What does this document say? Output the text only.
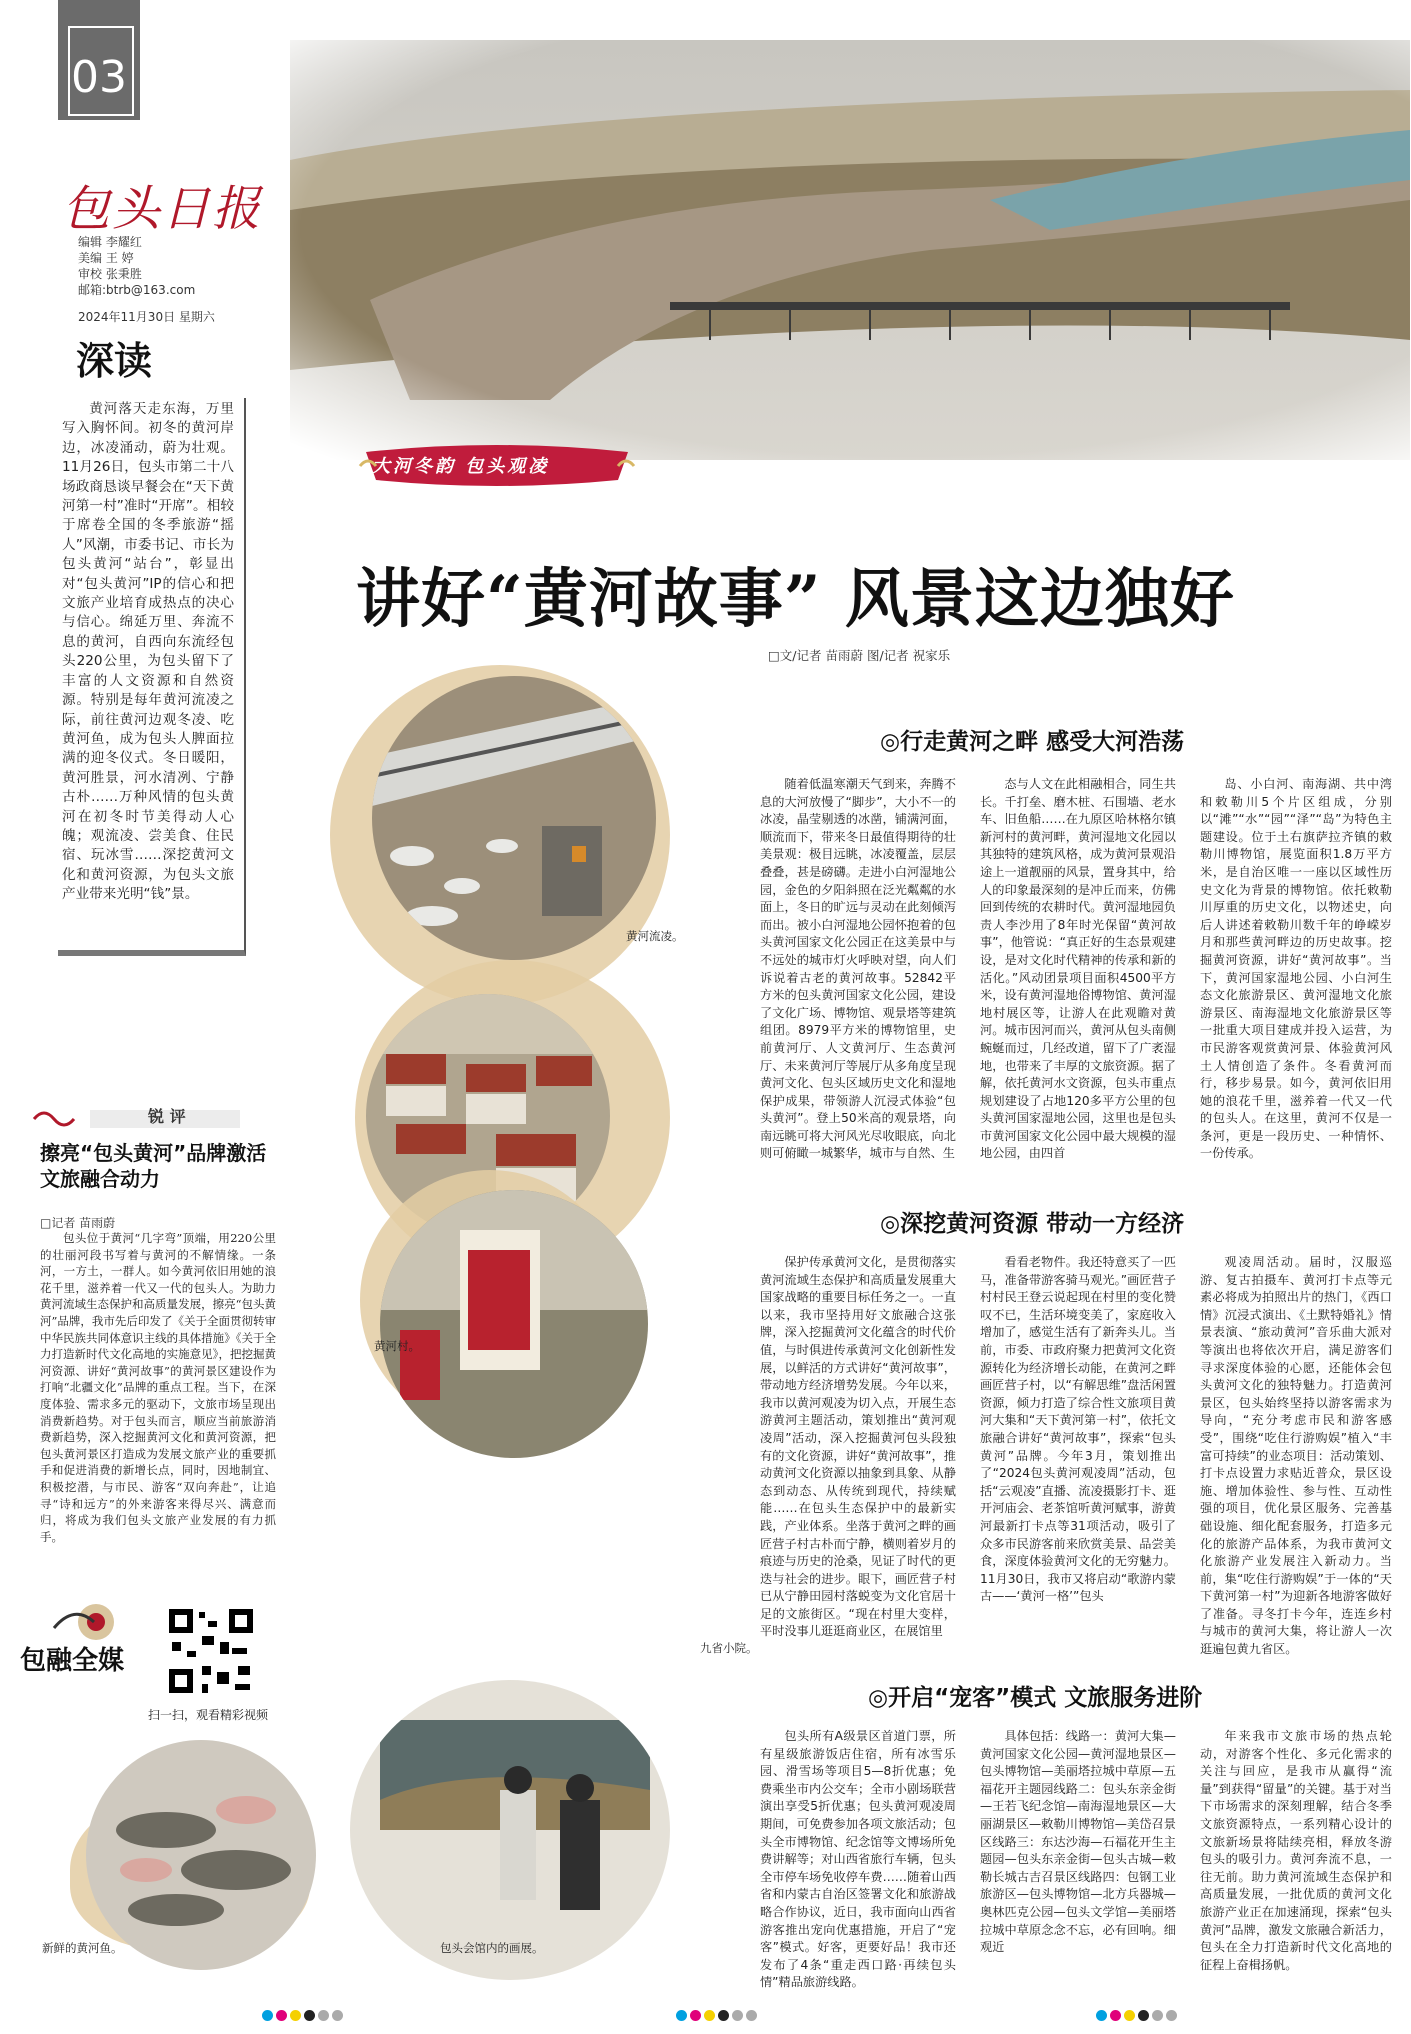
03
包头日报
编辑 李耀红
美编 王 婷
审校 张秉胜
邮箱:btrb@163.com
2024年11月30日 星期六
深读

黄河落天走东海，万里写入胸怀间。初冬的黄河岸边，冰凌涌动，蔚为壮观。11月26日，包头市第二十八场政商恳谈早餐会在“天下黄河第一村”准时“开席”。相较于席卷全国的冬季旅游“摇人”风潮，市委书记、市长为包头黄河“站台”，彰显出对“包头黄河”IP的信心和把文旅产业培育成热点的决心与信心。绵延万里、奔流不息的黄河，自西向东流经包头220公里，为包头留下了丰富的人文资源和自然资源。特别是每年黄河流凌之际，前往黄河边观冬凌、吃黄河鱼，成为包头人脾面拉满的迎冬仪式。冬日暖阳，黄河胜景，河水清冽、宁静古朴……万种风情的包头黄河在初冬时节美得动人心魄；观流凌、尝美食、住民宿、玩冰雪……深挖黄河文化和黄河资源，为包头文旅产业带来光明“钱”景。

锐 评
擦亮“包头黄河”品牌激活文旅融合动力
□记者 苗雨蔚

包头位于黄河“几字弯”顶端，用220公里的壮丽河段书写着与黄河的不解情缘。一条河，一方土，一群人。如今黄河依旧用她的浪花千里，滋养着一代又一代的包头人。为助力黄河流域生态保护和高质量发展，擦亮“包头黄河”品牌，我市先后印发了《关于全面贯彻转审中华民族共同体意识主线的具体措施》《关于全力打造新时代文化高地的实施意见》，把挖掘黄河资源、讲好“黄河故事”的黄河景区建设作为打响“北疆文化”品牌的重点工程。当下，在深度体验、需求多元的驱动下，文旅市场呈现出消费新趋势。对于包头而言，顺应当前旅游消费新趋势，深入挖掘黄河文化和黄河资源，把包头黄河景区打造成为发展文旅产业的重要抓手和促进消费的新增长点，同时，因地制宜、积极挖潜，与市民、游客“双向奔赴”，让追寻“诗和远方”的外来游客来得尽兴、满意而归，将成为我们包头文旅产业发展的有力抓手。

包融全媒
扫一扫，观看精彩视频
大河冬韵 包头观凌
讲好“黄河故事” 风景这边独好
□文/记者 苗雨蔚 图/记者 祝家乐
黄河流凌。
黄河村。
九省小院。
新鲜的黄河鱼。	包头会馆内的画展。
◎行走黄河之畔 感受大河浩荡

随着低温寒潮天气到来，奔腾不息的大河放慢了“脚步”，大小不一的冰凌，晶莹剔透的冰凿，铺满河面，顺流而下，带来冬日最值得期待的壮美景观：极目远眺，冰凌覆盖，层层叠叠，甚是磅礴。走进小白河湿地公园，金色的夕阳斜照在泛光粼粼的水面上，冬日的旷远与灵动在此刻倾泻而出。被小白河湿地公园怀抱着的包头黄河国家文化公园正在这美景中与不远处的城市灯火呼映对望，向人们诉说着古老的黄河故事。52842平方米的包头黄河国家文化公园，建设了文化广场、博物馆、观景塔等建筑组团。8979平方米的博物馆里，史前黄河厅、人文黄河厅、生态黄河厅、未来黄河厅等展厅从多角度呈现黄河文化、包头区域历史文化和湿地保护成果，带领游人沉浸式体验“包头黄河”。登上50米高的观景塔，向南远眺可将大河风光尽收眼底，向北则可俯瞰一城繁华，城市与自然、生

态与人文在此相融相合，同生共长。千打垒、磨木桩、石围墙、老水车、旧鱼船……在九原区哈林格尔镇新河村的黄河畔，黄河湿地文化园以其独特的建筑风格，成为黄河景观沿途上一道靓丽的风景，置身其中，给人的印象最深刻的是冲丘而来，仿佛回到传统的农耕时代。黄河湿地园负责人李沙用了8年时光保留“黄河故事”，他管说：“真正好的生态景观建设，是对文化时代精神的传承和新的活化。”风动团景项目面积4500平方米，设有黄河湿地俗博物馆、黄河湿地村展区等，让游人在此观瞻对黄河。城市因河而兴，黄河从包头南侧蜿蜒而过，几经改道，留下了广袤湿地，也带来了丰厚的文旅资源。据了解，依托黄河水文资源，包头市重点规划建设了占地120多平方公里的包头黄河国家湿地公园，这里也是包头市黄河国家文化公园中最大规模的湿地公园，由四首

岛、小白河、南海湖、共中湾和敕勒川5个片区组成，分别以“滩”“水”“园”“泽”“岛”为特色主题建设。位于土右旗萨拉齐镇的敕勒川博物馆，展览面积1.8万平方米，是自治区唯一一座以区域性历史文化为背景的博物馆。依托敕勒川厚重的历史文化，以物述史，向后人讲述着敕勒川数千年的峥嵘岁月和那些黄河畔边的历史故事。挖掘黄河资源，讲好“黄河故事”。当下，黄河国家湿地公园、小白河生态文化旅游景区、黄河湿地文化旅游景区、南海湿地文化旅游景区等一批重大项目建成并投入运营，为市民游客观赏黄河景、体验黄河风土人情创造了条件。冬看黄河而行，移步易景。如今，黄河依旧用她的浪花千里，滋养着一代又一代的包头人。在这里，黄河不仅是一条河，更是一段历史、一种情怀、一份传承。

◎深挖黄河资源 带动一方经济

保护传承黄河文化，是贯彻落实黄河流域生态保护和高质量发展重大国家战略的重要目标任务之一。一直以来，我市坚持用好文旅融合这张牌，深入挖掘黄河文化蕴含的时代价值，与时俱进传承黄河文化创新性发展，以鲜活的方式讲好“黄河故事”，带动地方经济增势发展。今年以来，我市以黄河观凌为切入点，开展生态游黄河主题活动，策划推出“黄河观凌周”活动，深入挖掘黄河包头段独有的文化资源，讲好“黄河故事”，推动黄河文化资源以抽象到具象、从静态到动态、从传统到现代，持续赋能……在包头生态保护中的最新实践，产业体系。坐落于黄河之畔的画匠营子村古朴而宁静，横则着岁月的痕迹与历史的沧桑，见证了时代的更迭与社会的进步。眼下，画匠营子村已从宁静田园村落蜕变为文化官居十足的文旅街区。“现在村里大变样，平时没事儿逛逛商业区，在展馆里

看看老物件。我还特意买了一匹马，准备带游客骑马观光。”画匠营子村村民王登云说起现在村里的变化赞叹不已，生活环境变美了，家庭收入增加了，感觉生活有了新奔头儿。当前，市委、市政府聚力把黄河文化资源转化为经济增长动能，在黄河之畔画匠营子村，以“有解思维”盘活闲置资源，倾力打造了综合性文旅项目黄河大集和“天下黄河第一村”，依托文旅融合讲好“黄河故事”，探索“包头黄河”品牌。今年3月，策划推出了“2024包头黄河观凌周”活动，包括“云观凌”直播、流凌摄影打卡、逛开河庙会、老茶馆听黄河赋事，游黄河最新打卡点等31项活动，吸引了众多市民游客前来欣赏美景、品尝美食，深度体验黄河文化的无穷魅力。11月30日，我市又将启动“歌游内蒙古——‘黄河一格’”包头

观凌周活动。届时，汉服巡游、复古拍摄车、黄河打卡点等元素必将成为拍照出片的热门，《西口情》沉浸式演出、《土默特婚礼》情景表演、“旅动黄河”音乐曲大派对等演出也将依次开启，满足游客们寻求深度体验的心愿，还能体会包头黄河文化的独特魅力。打造黄河景区，包头始终坚持以游客需求为导向，“充分考虑市民和游客感受”，围绕“吃住行游购娱”植入“丰富可持续”的业态项目：活动策划、打卡点设置力求贴近普众，景区设施、增加体验性、参与性、互动性强的项目，优化景区服务、完善基础设施、细化配套服务，打造多元化的旅游产品体系，为我市黄河文化旅游产业发展注入新动力。当前，集“吃住行游购娱”于一体的“天下黄河第一村”为迎新各地游客做好了准备。寻冬打卡今年，连连乡村与城市的黄河大集，将让游人一次逛遍包黄九省区。

◎开启“宠客”模式 文旅服务进阶

包头所有A级景区首道门票，所有星级旅游饭店住宿，所有冰雪乐园、滑雪场等项目5—8折优惠；免费乘坐市内公交车；全市小剧场联营演出享受5折优惠；包头黄河观凌周期间，可免费参加各项文旅活动；包头全市博物馆、纪念馆等文博场所免费讲解等；对山西省旅行车辆，包头全市停车场免收停车费……随着山西省和内蒙古自治区签署文化和旅游战略合作协议，近日，我市面向山西省游客推出宠向优惠措施，开启了“宠客”模式。好客，更要好品！我市还发布了4条“重走西口路·再续包头情”精品旅游线路。

具体包括：线路一：黄河大集—黄河国家文化公园—黄河湿地景区—包头博物馆—美丽塔拉城中草原—五福花开主题园线路二：包头东亲金街—王若飞纪念馆—南海湿地景区—大丽湖景区—敕勒川博物馆—美岱召景区线路三：东达沙海—石福花开生主题园—包头东亲金街—包头古城—敕勒长城古吉召景区线路四：包钢工业旅游区—包头博物馆—北方兵器城—奥林匹克公园—包头文学馆—美丽塔拉城中草原念念不忘，必有回响。细观近

年来我市文旅市场的热点轮动，对游客个性化、多元化需求的关注与回应，是我市从赢得“流量”到获得“留量”的关键。基于对当下市场需求的深刻理解，结合冬季文旅资源特点，一系列精心设计的文旅新场景将陆续亮相，释放冬游包头的吸引力。黄河奔流不息，一往无前。助力黄河流域生态保护和高质量发展，一批优质的黄河文化旅游产业正在加速涌现，探索“包头黄河”品牌，激发文旅融合新活力，包头在全力打造新时代文化高地的征程上奋楫扬帆。
